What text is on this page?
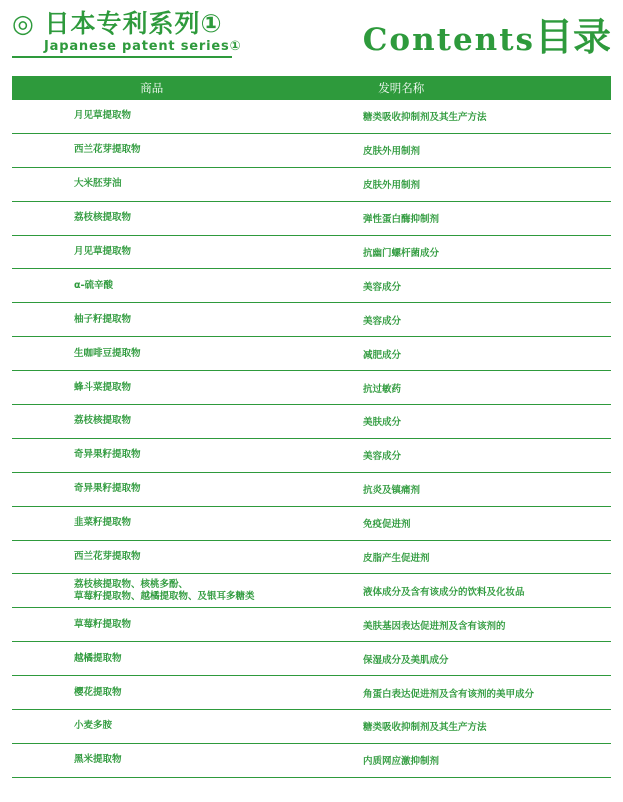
◎ 日本专利系列①
Japanese patent series①	Contents目录
商品	发明名称
月见草提取物	糖类吸收抑制剂及其生产方法
西兰花芽提取物	皮肤外用制剂
大米胚芽油	皮肤外用制剂
荔枝核提取物	弹性蛋白酶抑制剂
月见草提取物	抗幽门螺杆菌成分
α-硫辛酸	美容成分
柚子籽提取物	美容成分
生咖啡豆提取物	减肥成分
蜂斗菜提取物	抗过敏药
荔枝核提取物	美肤成分
奇异果籽提取物	美容成分
奇异果籽提取物	抗炎及镇痛剂
韭菜籽提取物	免疫促进剂
西兰花芽提取物	皮脂产生促进剂
荔枝核提取物、核桃多酚、
草莓籽提取物、越橘提取物、及银耳多糖类	液体成分及含有该成分的饮料及化妆品
草莓籽提取物	美肤基因表达促进剂及含有该剂的
越橘提取物	保湿成分及美肌成分
樱花提取物	角蛋白表达促进剂及含有该剂的美甲成分
小麦多胺	糖类吸收抑制剂及其生产方法
黑米提取物	内质网应激抑制剂
